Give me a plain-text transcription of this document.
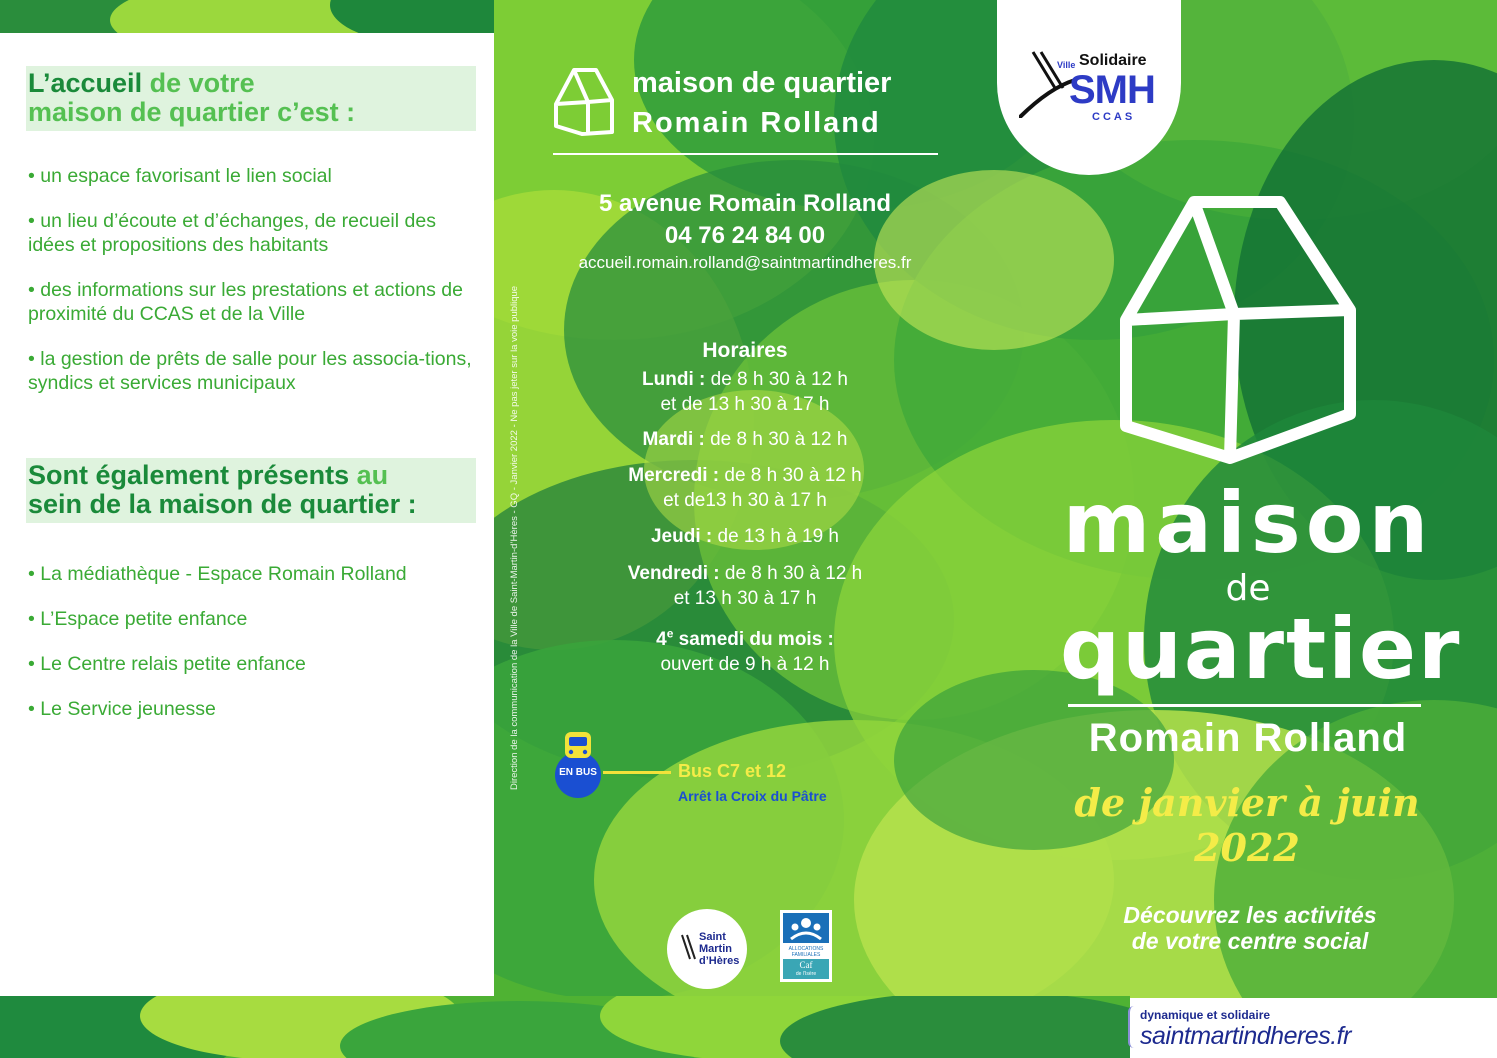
L’accueil de votre
maison de quartier c’est :

• un espace favorisant le lien social

• un lieu d’écoute et d’échanges, de recueil des idées et propositions des habitants

• des informations sur les prestations et actions de proximité du CCAS et de la Ville

• la gestion de prêts de salle pour les associa-tions, syndics et services municipaux

Sont également présents au
sein de la maison de quartier :

• La médiathèque - Espace Romain Rolland

• L’Espace petite enfance

• Le Centre relais petite enfance

• Le Service jeunesse

maison de quartier
Romain Rolland
5 avenue Romain Rolland
04 76 24 84 00
accueil.romain.rolland@saintmartindheres.fr
Horaires
Lundi : de 8 h 30 à 12 h
et de 13 h 30 à 17 h
Mardi : de 8 h 30 à 12 h
Mercredi : de 8 h 30 à 12 h
et de13 h 30 à 17 h
Jeudi : de 13 h à 19 h
Vendredi : de 8 h 30 à 12 h
et 13 h 30 à 17 h
4e samedi du mois :
ouvert de 9 h à 12 h
EN BUS	Bus C7 et 12
Arrêt la Croix du Pâtre
Direction de la communication de la Ville de Saint-Martin-d’Hères - GQ - Janvier 2022 - Ne pas jeter sur la voie publique
Saint
Martin
d’Hères
ALLOCATIONS
FAMILIALES
Caf
de l’Isère
Ville Solidaire
SMH
CCAS
maison
de
quartier
Romain Rolland
de janvier à juin 2022
Découvrez les activités
de votre centre social
dynamique et solidaire
saintmartindheres.fr
